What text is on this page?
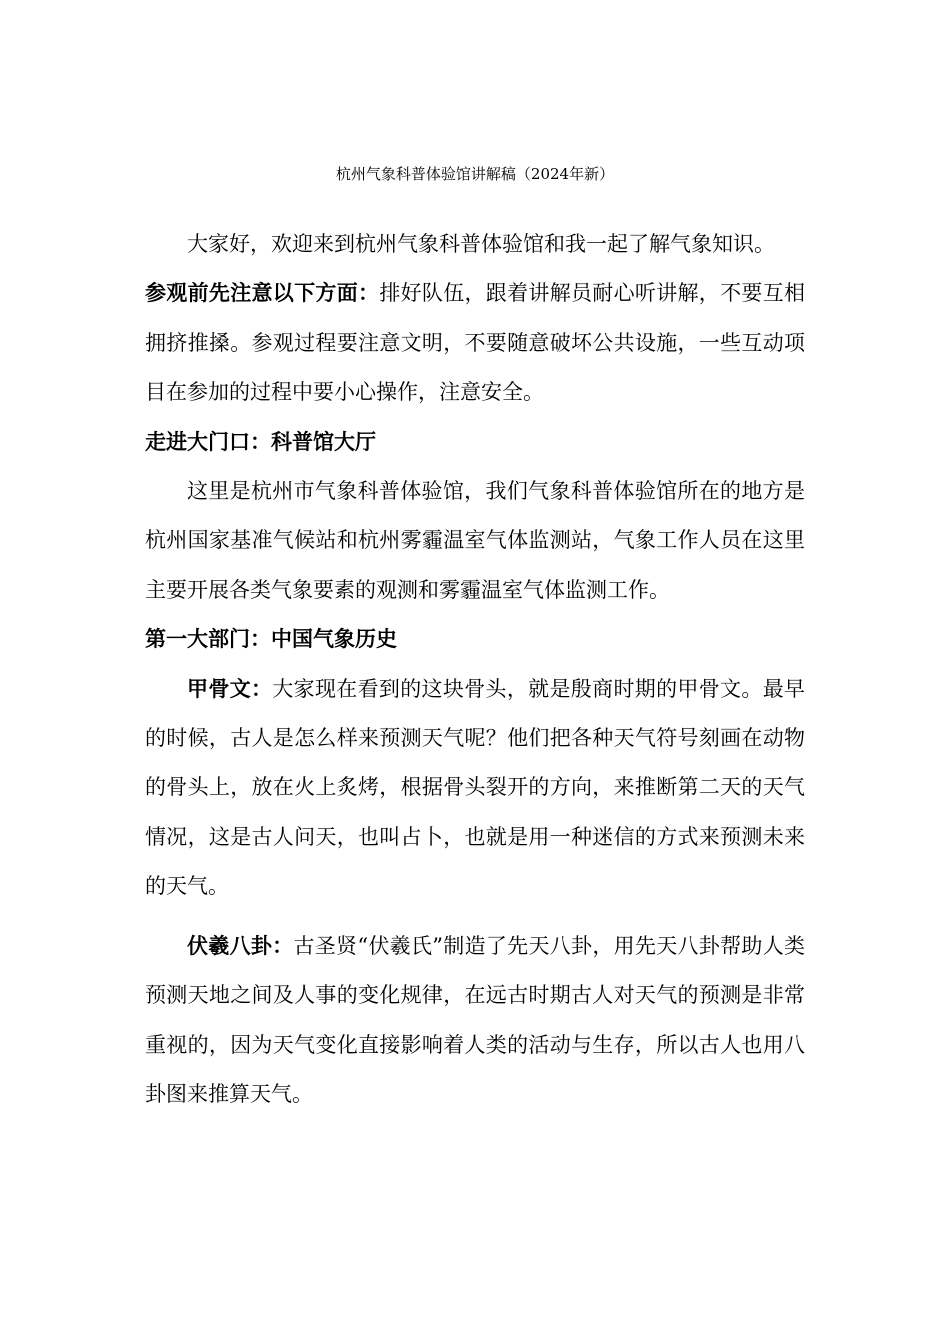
杭州气象科普体验馆讲解稿（2024年新）

大家好，欢迎来到杭州气象科普体验馆和我一起了解气象知识。

参观前先注意以下方面：排好队伍，跟着讲解员耐心听讲解，不要互相拥挤推搡。参观过程要注意文明，不要随意破坏公共设施，一些互动项目在参加的过程中要小心操作，注意安全。

走进大门口：科普馆大厅

这里是杭州市气象科普体验馆，我们气象科普体验馆所在的地方是杭州国家基准气候站和杭州雾霾温室气体监测站，气象工作人员在这里主要开展各类气象要素的观测和雾霾温室气体监测工作。

第一大部门：中国气象历史

甲骨文：大家现在看到的这块骨头，就是殷商时期的甲骨文。最早的时候，古人是怎么样来预测天气呢？他们把各种天气符号刻画在动物的骨头上，放在火上炙烤，根据骨头裂开的方向，来推断第二天的天气情况，这是古人问天，也叫占卜，也就是用一种迷信的方式来预测未来的天气。

伏羲八卦：古圣贤“伏羲氏”制造了先天八卦，用先天八卦帮助人类预测天地之间及人事的变化规律，在远古时期古人对天气的预测是非常重视的，因为天气变化直接影响着人类的活动与生存，所以古人也用八卦图来推算天气。
